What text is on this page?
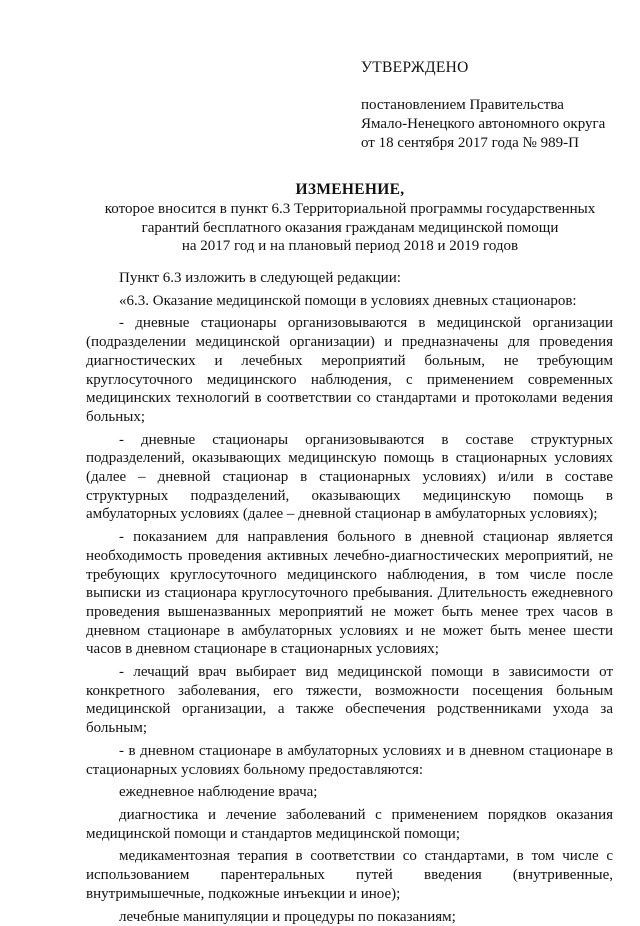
УТВЕРЖДЕНО
постановлением Правительства
Ямало-Ненецкого автономного округа
от 18 сентября 2017 года № 989-П
ИЗМЕНЕНИЕ,
которое вносится в пункт 6.3 Территориальной программы государственных
гарантий бесплатного оказания гражданам медицинской помощи
на 2017 год и на плановый период 2018 и 2019 годов

Пункт 6.3 изложить в следующей редакции:

«6.3. Оказание медицинской помощи в условиях дневных стационаров:

- дневные стационары организовываются в медицинской организации (подразделении медицинской организации) и предназначены для проведения диагностических и лечебных мероприятий больным, не требующим круглосуточного медицинского наблюдения, с применением современных медицинских технологий в соответствии со стандартами и протоколами ведения больных;

- дневные стационары организовываются в составе структурных подразделений, оказывающих медицинскую помощь в стационарных условиях (далее – дневной стационар в стационарных условиях) и/или в составе структурных подразделений, оказывающих медицинскую помощь в амбулаторных условиях (далее – дневной стационар в амбулаторных условиях);

- показанием для направления больного в дневной стационар является необходимость проведения активных лечебно-диагностических мероприятий, не требующих круглосуточного медицинского наблюдения, в том числе после выписки из стационара круглосуточного пребывания. Длительность ежедневного проведения вышеназванных мероприятий не может быть менее трех часов в дневном стационаре в амбулаторных условиях и не может быть менее шести часов в дневном стационаре в стационарных условиях;

- лечащий врач выбирает вид медицинской помощи в зависимости от конкретного заболевания, его тяжести, возможности посещения больным медицинской организации, а также обеспечения родственниками ухода за больным;

- в дневном стационаре в амбулаторных условиях и в дневном стационаре в стационарных условиях больному предоставляются:

ежедневное наблюдение врача;

диагностика и лечение заболеваний с применением порядков оказания медицинской помощи и стандартов медицинской помощи;

медикаментозная терапия в соответствии со стандартами, в том числе с использованием парентеральных путей введения (внутривенные, внутримышечные, подкожные инъекции и иное);

лечебные манипуляции и процедуры по показаниям;
